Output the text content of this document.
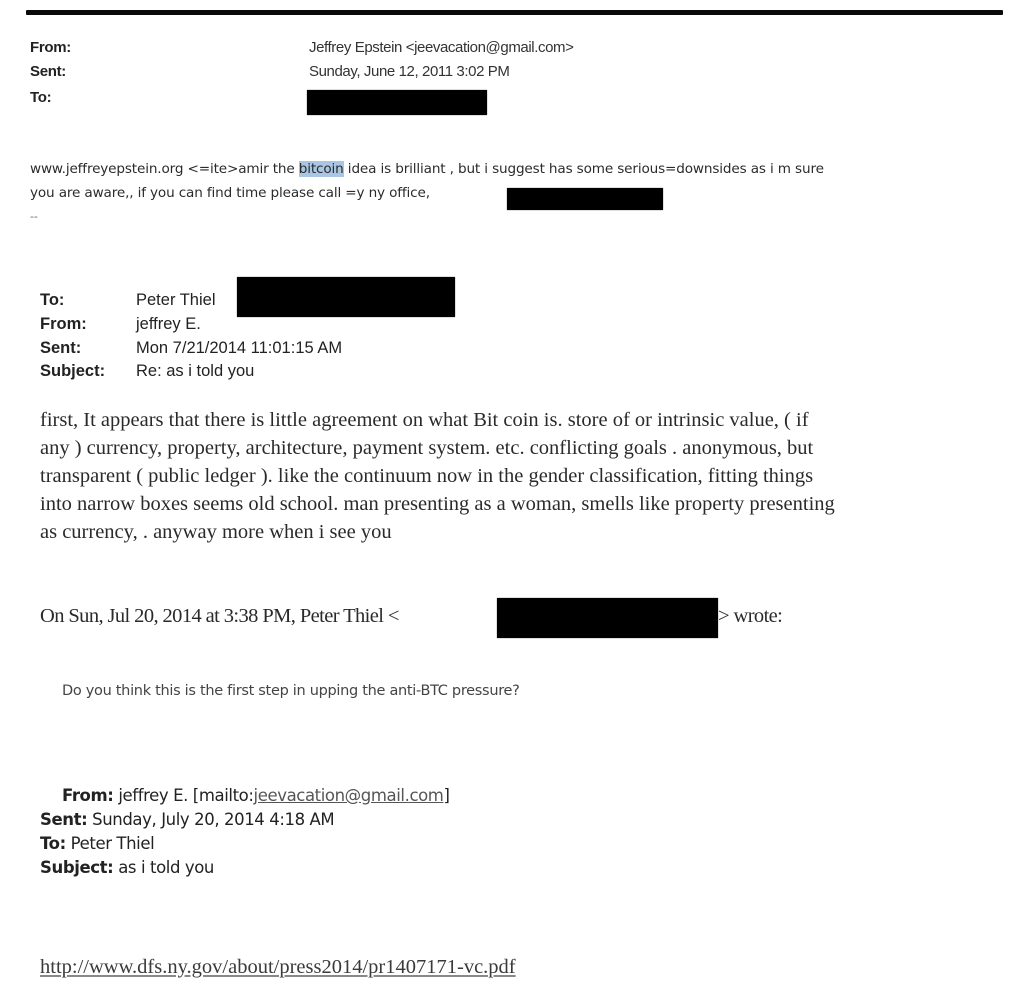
From:	Jeffrey Epstein <jeevacation@gmail.com>
Sent:	Sunday, June 12, 2011 3:02 PM
To:
www.jeffreyepstein.org <=ite>amir the bitcoin idea is brilliant , but i suggest has some serious=downsides as i m sure
you are aware,, if you can find time please call =y ny office,
--
To:	Peter Thiel
From:	jeffrey E.
Sent:	Mon 7/21/2014 11:01:15 AM
Subject: Re: as i told you
first, It appears that there is little agreement on what Bit coin is. store of or intrinsic value, ( if
any ) currency, property, architecture, payment system. etc. conflicting goals . anonymous, but
transparent ( public ledger ). like the continuum now in the gender classification, fitting things
into narrow boxes seems old school. man presenting as a woman, smells like property presenting
as currency, . anyway more when i see you
On Sun, Jul 20, 2014 at 3:38 PM, Peter Thiel <	> wrote:
Do you think this is the first step in upping the anti-BTC pressure?
From: jeffrey E. [mailto:jeevacation@gmail.com]
Sent: Sunday, July 20, 2014 4:18 AM
To: Peter Thiel
Subject: as i told you
http://www.dfs.ny.gov/about/press2014/pr1407171-vc.pdf
